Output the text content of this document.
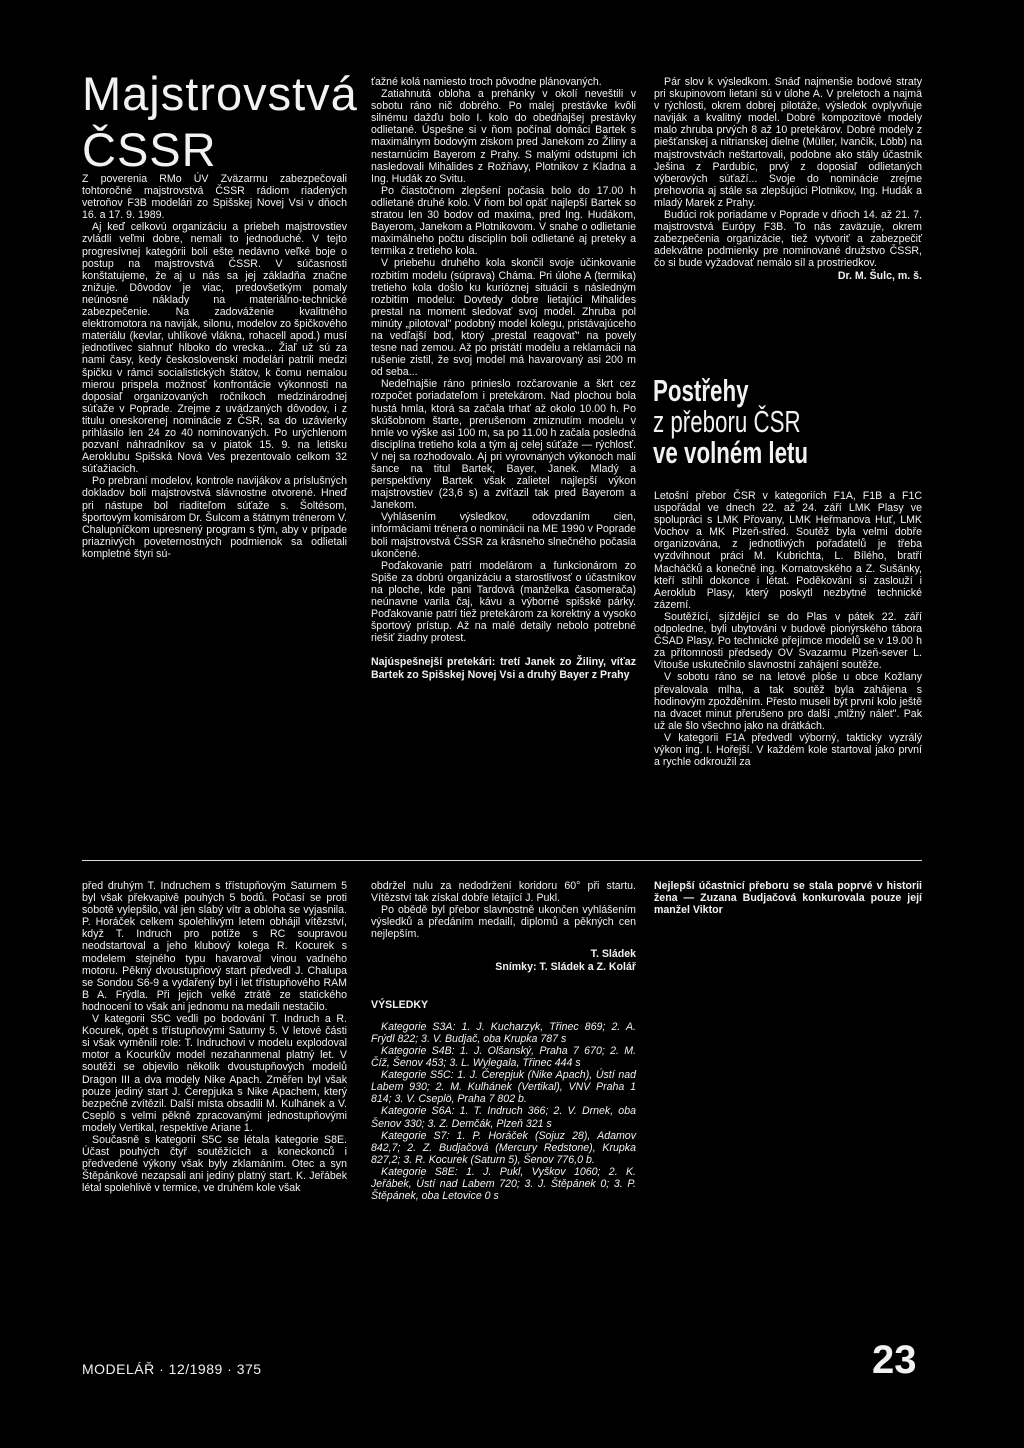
Majstrovstvá
ČSSR

Z poverenia RMo ÚV Zväzarmu zabezpečovali tohtoročné majstrovstvá ČSSR rádiom riadených vetroňov F3B modelári zo Spišskej Novej Vsi v dňoch 16. a 17. 9. 1989.

Aj keď celkovú organizáciu a priebeh majstrovstiev zvládli veľmi dobre, nemali to jednoduché. V tejto progresívnej kategórii boli ešte nedávno veľké boje o postup na majstrovstvá ČSSR. V súčasnosti konštatujeme, že aj u nás sa jej základňa značne znižuje. Dôvodov je viac, predovšetkým pomaly neúnosné náklady na materiálno-technické zabezpečenie. Na zadováženie kvalitného elektromotora na naviják, silonu, modelov zo špičkového materiálu (kevlar, uhlíkové vlákna, rohacell apod.) musí jednotlivec siahnuť hlboko do vrecka... Žiaľ už sú za nami časy, kedy československí modelári patrili medzi špičku v rámci socialistických štátov, k čomu nemalou mierou prispela možnosť konfrontácie výkonnosti na doposiaľ organizovaných ročníkoch medzinárodnej súťaže v Poprade. Zrejme z uvádzaných dôvodov, i z titulu oneskorenej nominácie z ČSR, sa do uzávierky prihlásilo len 24 zo 40 nominovaných. Po urýchlenom pozvaní náhradníkov sa v piatok 15. 9. na letisku Aeroklubu Spišská Nová Ves prezentovalo celkom 32 súťažiacich.

Po prebraní modelov, kontrole navijákov a príslušných dokladov boli majstrovstvá slávnostne otvorené. Hneď pri nástupe bol riaditeľom súťaže s. Šoltésom, športovým komisárom Dr. Šulcom a štátnym trénerom V. Chalupníčkom upresnený program s tým, aby v prípade priaznivých poveternostných podmienok sa odlietali kompletné štyri sú-

ťažné kolá namiesto troch pôvodne plánovaných.

Zatiahnutá obloha a prehánky v okolí neveštili v sobotu ráno nič dobrého. Po malej prestávke kvôli silnému dažďu bolo I. kolo do obedňajšej prestávky odlietané. Úspešne si v ňom počínal domáci Bartek s maximálnym bodovým ziskom pred Janekom zo Žiliny a nestarnúcim Bayerom z Prahy. S malými odstupmi ich nasledovali Mihalides z Rožňavy, Plotnikov z Kladna a Ing. Hudák zo Svitu.

Po čiastočnom zlepšení počasia bolo do 17.00 h odlietané druhé kolo. V ňom bol opäť najlepší Bartek so stratou len 30 bodov od maxima, pred Ing. Hudákom, Bayerom, Janekom a Plotnikovom. V snahe o odlietanie maximálneho počtu disciplín boli odlietané aj preteky a termika z tretieho kola.

V priebehu druhého kola skončil svoje účinkovanie rozbitím modelu (súprava) Cháma. Pri úlohe A (termika) tretieho kola došlo ku kurióznej situácii s následným rozbitím modelu: Dovtedy dobre lietajúci Mihalides prestal na moment sledovať svoj model. Zhruba pol minúty „pilotoval" podobný model kolegu, pristávajúceho na vedľajší bod, ktorý „prestal reagovať" na povely tesne nad zemou. Až po pristátí modelu a reklamácii na rušenie zistil, že svoj model má havarovaný asi 200 m od seba...

Nedeľnajšie ráno prinieslo rozčarovanie a škrt cez rozpočet poriadateľom i pretekárom. Nad plochou bola hustá hmla, ktorá sa začala trhať až okolo 10.00 h. Po skúšobnom štarte, prerušenom zmiznutím modelu v hmle vo výške asi 100 m, sa po 11.00 h začala posledná disciplína tretieho kola a tým aj celej súťaže — rýchlosť. V nej sa rozhodovalo. Aj pri vyrovnaných výkonoch mali šance na titul Bartek, Bayer, Janek. Mladý a perspektívny Bartek však zalietel najlepší výkon majstrovstiev (23,6 s) a zvíťazil tak pred Bayerom a Janekom.

Vyhlásením výsledkov, odovzdaním cien, informáciami trénera o nominácii na ME 1990 v Poprade boli majstrovstvá ČSSR za krásneho slnečného počasia ukončené.

Poďakovanie patrí modelárom a funkcionárom zo Spiše za dobrú organizáciu a starostlivosť o účastníkov na ploche, kde pani Tardová (manželka časomerača) neúnavne varila čaj, kávu a výborné spišské párky. Poďakovanie patrí tiež pretekárom za korektný a vysoko športový prístup. Až na malé detaily nebolo potrebné riešiť žiadny protest.

Najúspešnejší pretekári: tretí Janek zo Žiliny, víťaz Bartek zo Spišskej Novej Vsi a druhý Bayer z Prahy

Pár slov k výsledkom. Snáď najmenšie bodové straty pri skupinovom lietaní sú v úlohe A. V preletoch a najmä v rýchlosti, okrem dobrej pilotáže, výsledok ovplyvňuje naviják a kvalitný model. Dobré kompozitové modely malo zhruba prvých 8 až 10 pretekárov. Dobré modely z piešťanskej a nitrianskej dielne (Müller, Ivančík, Löbb) na majstrovstvách neštartovali, podobne ako stály účastník Ješina z Pardubíc, prvý z doposiaľ odlietaných výberových súťaží... Svoje do nominácie zrejme prehovoria aj stále sa zlepšujúci Plotnikov, Ing. Hudák a mladý Marek z Prahy.

Budúci rok poriadame v Poprade v dňoch 14. až 21. 7. majstrovstvá Európy F3B. To nás zaväzuje, okrem zabezpečenia organizácie, tiež vytvoriť a zabezpečiť adekvátne podmienky pre nominované družstvo ČSSR, čo si bude vyžadovať nemálo síl a prostriedkov.

Dr. M. Šulc, m. š.

Postřehy
z přeboru ČSR
ve volném letu

Letošní přebor ČSR v kategoriích F1A, F1B a F1C uspořádal ve dnech 22. až 24. září LMK Plasy ve spolupráci s LMK Přovany, LMK Heřmanova Huť, LMK Vochov a MK Plzeň-střed. Soutěž byla velmi dobře organizována, z jednotlivých pořadatelů je třeba vyzdvihnout práci M. Kubrichta, L. Bílého, bratří Macháčků a konečně ing. Kornatovského a Z. Sušánky, kteří stihli dokonce i létat. Poděkování si zaslouží i Aeroklub Plasy, který poskytl nezbytné technické zázemí.

Soutěžící, sjíždějící se do Plas v pátek 22. září odpoledne, byli ubytováni v budově pionýrského tábora ČSAD Plasy. Po technické přejímce modelů se v 19.00 h za přítomnosti předsedy OV Svazarmu Plzeň-sever L. Vitouše uskutečnilo slavnostní zahájení soutěže.

V sobotu ráno se na letové ploše u obce Kožlany převalovala mlha, a tak soutěž byla zahájena s hodinovým zpožděním. Přesto museli být první kolo ještě na dvacet minut přerušeno pro další „mlžný nálet". Pak už ale šlo všechno jako na drátkách.

V kategorii F1A předvedl výborný, takticky vyzrálý výkon ing. I. Hořejší. V každém kole startoval jako první a rychle odkroužil za

před druhým T. Indruchem s třístupňovým Saturnem 5 byl však překvapivě pouhých 5 bodů. Počasí se proti sobotě vylepšilo, vál jen slabý vítr a obloha se vyjasnila. P. Horáček celkem spolehlivým letem obhájil vítězství, když T. Indruch pro potíže s RC soupravou neodstartoval a jeho klubový kolega R. Kocurek s modelem stejného typu havaroval vinou vadného motoru. Pěkný dvoustupňový start předvedl J. Chalupa se Sondou S6-9 a vydařený byl i let třístupňového RAM B A. Frýdla. Při jejich velké ztrátě ze statického hodnocení to však ani jednomu na medaili nestačilo.

V kategorii S5C vedli po bodování T. Indruch a R. Kocurek, opět s třístupňovými Saturny 5. V letové části si však vyměnili role: T. Indruchovi v modelu explodoval motor a Kocurkův model nezahanmenal platný let. V soutěži se objevilo několik dvoustupňových modelů Dragon III a dva modely Nike Apach. Změřen byl však pouze jediný start J. Čerepjuka s Nike Apachem, který bezpečně zvítězil. Další místa obsadili M. Kulhánek a V. Cseplö s velmi pěkně zpracovanými jednostupňovými modely Vertikal, respektive Ariane 1.

Současně s kategorií S5C se létala kategorie S8E. Účast pouhých čtyř soutěžících a koneckonců i předvedené výkony však byly zklamáním. Otec a syn Štěpánkové nezapsali ani jediný platný start. K. Jeřábek létal spolehlivě v termice, ve druhém kole však

obdržel nulu za nedodržení koridoru 60° při startu. Vítězství tak získal dobře létající J. Pukl.

Po obědě byl přebor slavnostně ukončen vyhlášením výsledků a předáním medailí, diplomů a pěkných cen nejlepším.

T. Sládek

Snímky: T. Sládek a Z. Kolář

VÝSLEDKY

Kategorie S3A: 1. J. Kucharzyk, Třinec 869; 2. A. Frýdl 822; 3. V. Budjač, oba Krupka 787 s

Kategorie S4B: 1. J. Olšanský, Praha 7 670; 2. M. Číž, Šenov 453; 3. L. Wylegala, Třinec 444 s

Kategorie S5C: 1. J. Čerepjuk (Nike Apach), Ústí nad Labem 930; 2. M. Kulhánek (Vertikal), VNV Praha 1 814; 3. V. Cseplö, Praha 7 802 b.

Kategorie S6A: 1. T. Indruch 366; 2. V. Drnek, oba Šenov 330; 3. Z. Demčák, Plzeň 321 s

Kategorie S7: 1. P. Horáček (Sojuz 28), Adamov 842,7; 2. Z. Budjačová (Mercury Redstone), Krupka 827,2; 3. R. Kocurek (Saturn 5), Šenov 776,0 b.

Kategorie S8E: 1. J. Pukl, Vyškov 1060; 2. K. Jeřábek, Ústí nad Labem 720; 3. J. Štěpánek 0; 3. P. Štěpánek, oba Letovice 0 s

Nejlepší účastnicí přeboru se stala poprvé v historii žena — Zuzana Budjačová konkurovala pouze její manžel Viktor

MODELÁŘ · 12/1989 · 375	23
